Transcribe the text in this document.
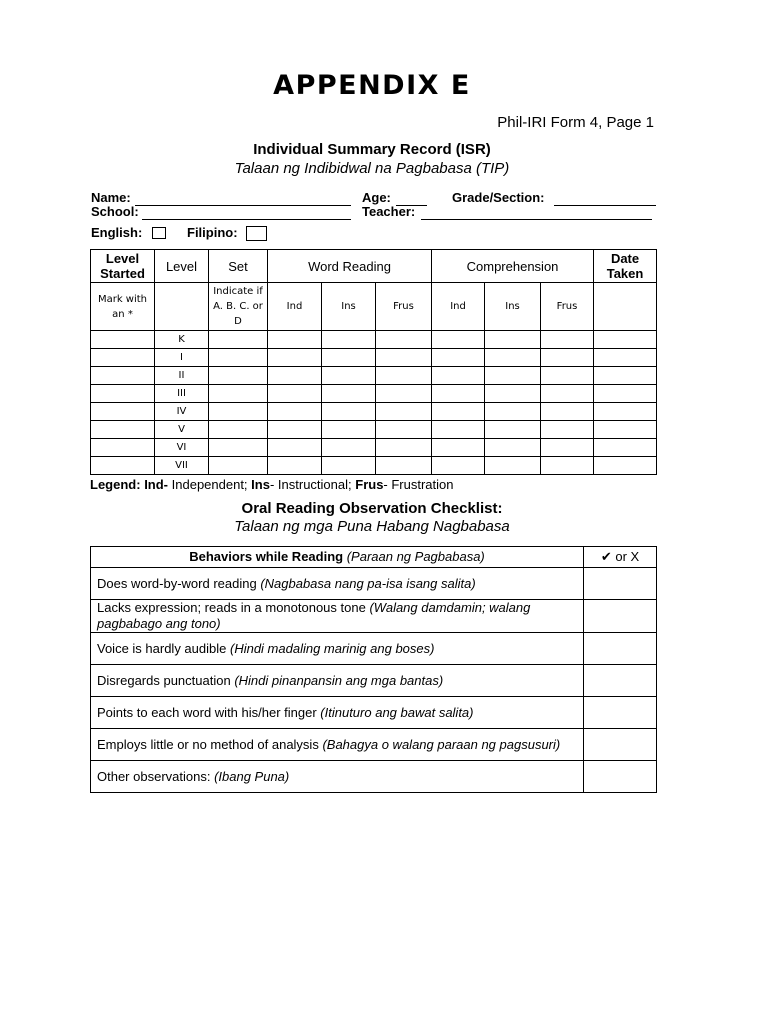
APPENDIX E
Phil-IRI Form 4, Page 1
Individual Summary Record (ISR)
Talaan ng Indibidwal na Pagbabasa (TIP)
Name:	Age:	Grade/Section:
School:	Teacher:
English:	Filipino:
Level Started	Level	Set	Word Reading			Comprehension			Date Taken
Mark with an *		Indicate if A. B. C. or D	Ind	Ins	Frus	Ind	Ins	Frus	
	K								
	I								
	II								
	III								
	IV								
	V								
	VI								
	VII								
Legend: Ind- Independent; Ins- Instructional; Frus- Frustration
Oral Reading Observation Checklist:
Talaan ng mga Puna Habang Nagbabasa
Behaviors while Reading (Paraan ng Pagbabasa)	✔ or X
Does word-by-word reading (Nagbabasa nang pa-isa isang salita)	
Lacks expression; reads in a monotonous tone (Walang damdamin; walang pagbabago ang tono)	
Voice is hardly audible (Hindi madaling marinig ang boses)	
Disregards punctuation (Hindi pinanpansin ang mga bantas)	
Points to each word with his/her finger (Itinuturo ang bawat salita)	
Employs little or no method of analysis (Bahagya o walang paraan ng pagsusuri)	
Other observations: (Ibang Puna)	
